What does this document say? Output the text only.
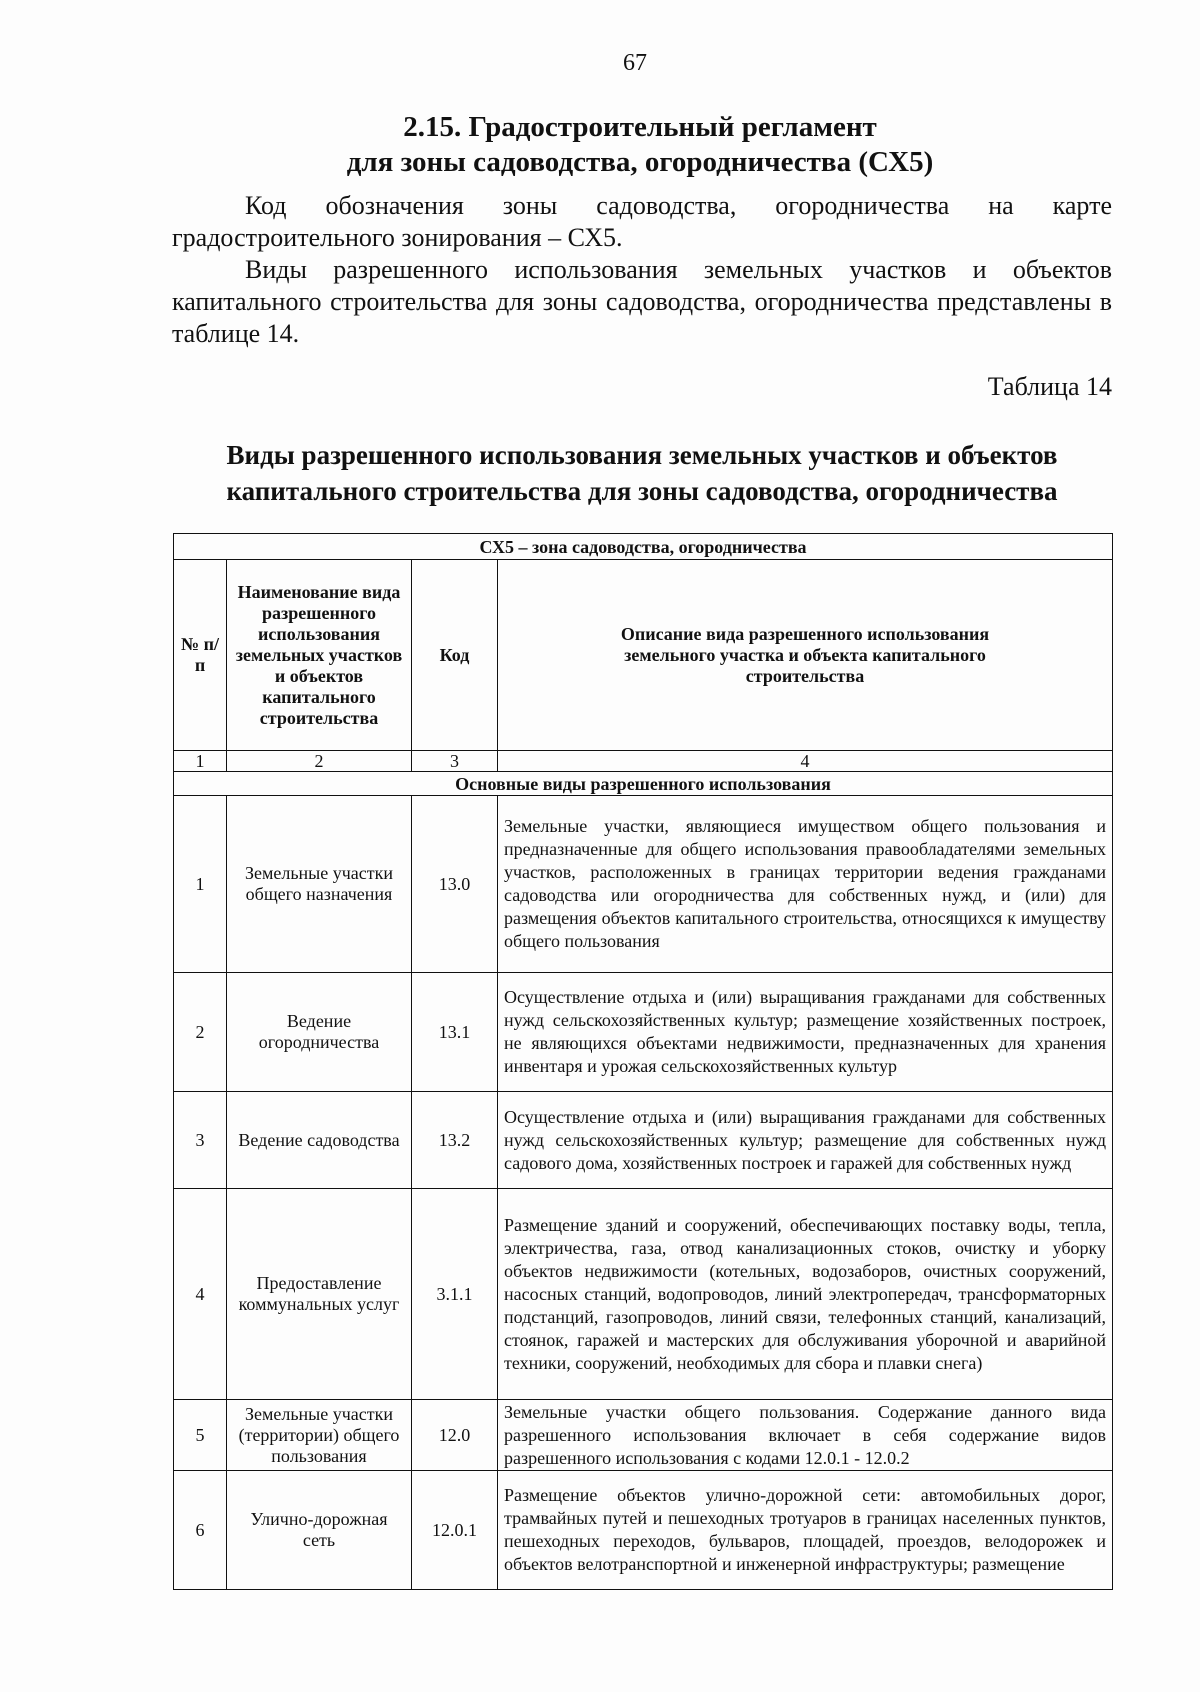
67
2.15. Градостроительный регламент
для зоны садоводства, огородничества (СХ5)
Код обозначения зоны садоводства, огородничества на карте градостроительного зонирования – СХ5.
Виды разрешенного использования земельных участков и объектов капитального строительства для зоны садоводства, огородничества представлены в таблице 14.
Таблица 14
Виды разрешенного использования земельных участков и объектов
капитального строительства для зоны садоводства, огородничества
СХ5 – зона садоводства, огородничества			
№ п/п	Наименование вида разрешенного использования земельных участков и объектов капитального строительства	Код	Описание вида разрешенного использования земельного участка и объекта капитального строительства
1	2	3	4
Основные виды разрешенного использования			
1	Земельные участки общего назначения	13.0	Земельные участки, являющиеся имуществом общего пользования и предназначенные для общего использования правообладателями земельных участков, расположенных в границах территории ведения гражданами садоводства или огородничества для собственных нужд, и (или) для размещения объектов капитального строительства, относящихся к имуществу общего пользования
2	Ведение огородничества	13.1	Осуществление отдыха и (или) выращивания гражданами для собственных нужд сельскохозяйственных культур; размещение хозяйственных построек, не являющихся объектами недвижимости, предназначенных для хранения инвентаря и урожая сельскохозяйственных культур
3	Ведение садоводства	13.2	Осуществление отдыха и (или) выращивания гражданами для собственных нужд сельскохозяйственных культур; размещение для собственных нужд садового дома, хозяйственных построек и гаражей для собственных нужд
4	Предоставление коммунальных услуг	3.1.1	Размещение зданий и сооружений, обеспечивающих поставку воды, тепла, электричества, газа, отвод канализационных стоков, очистку и уборку объектов недвижимости (котельных, водозаборов, очистных сооружений, насосных станций, водопроводов, линий электропередач, трансформаторных подстанций, газопроводов, линий связи, телефонных станций, канализаций, стоянок, гаражей и мастерских для обслуживания уборочной и аварийной техники, сооружений, необходимых для сбора и плавки снега)
5	Земельные участки (территории) общего пользования	12.0	Земельные участки общего пользования. Содержание данного вида разрешенного использования включает в себя содержание видов разрешенного использования с кодами 12.0.1 - 12.0.2
6	Улично-дорожная сеть	12.0.1	Размещение объектов улично-дорожной сети: автомобильных дорог, трамвайных путей и пешеходных тротуаров в границах населенных пунктов, пешеходных переходов, бульваров, площадей, проездов, велодорожек и объектов велотранспортной и инженерной инфраструктуры; размещение
